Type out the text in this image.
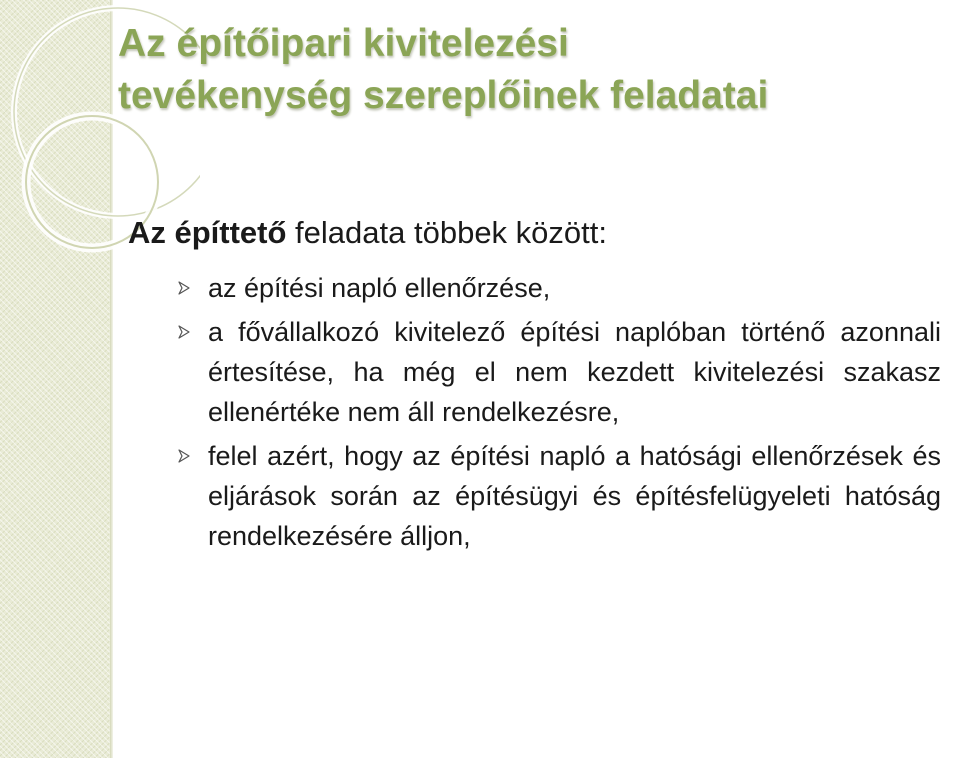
Az építőipari kivitelezési
tevékenység szereplőinek feladatai

Az építtető feladata többek között:

az építési napló ellenőrzése,
a fővállalkozó kivitelező építési naplóban történő azonnali értesítése, ha még el nem kezdett kivitelezési szakasz ellenértéke nem áll rendelkezésre,
felel azért, hogy az építési napló a hatósági ellenőrzések és eljárások során az építésügyi és építésfelügyeleti hatóság rendelkezésére álljon,
